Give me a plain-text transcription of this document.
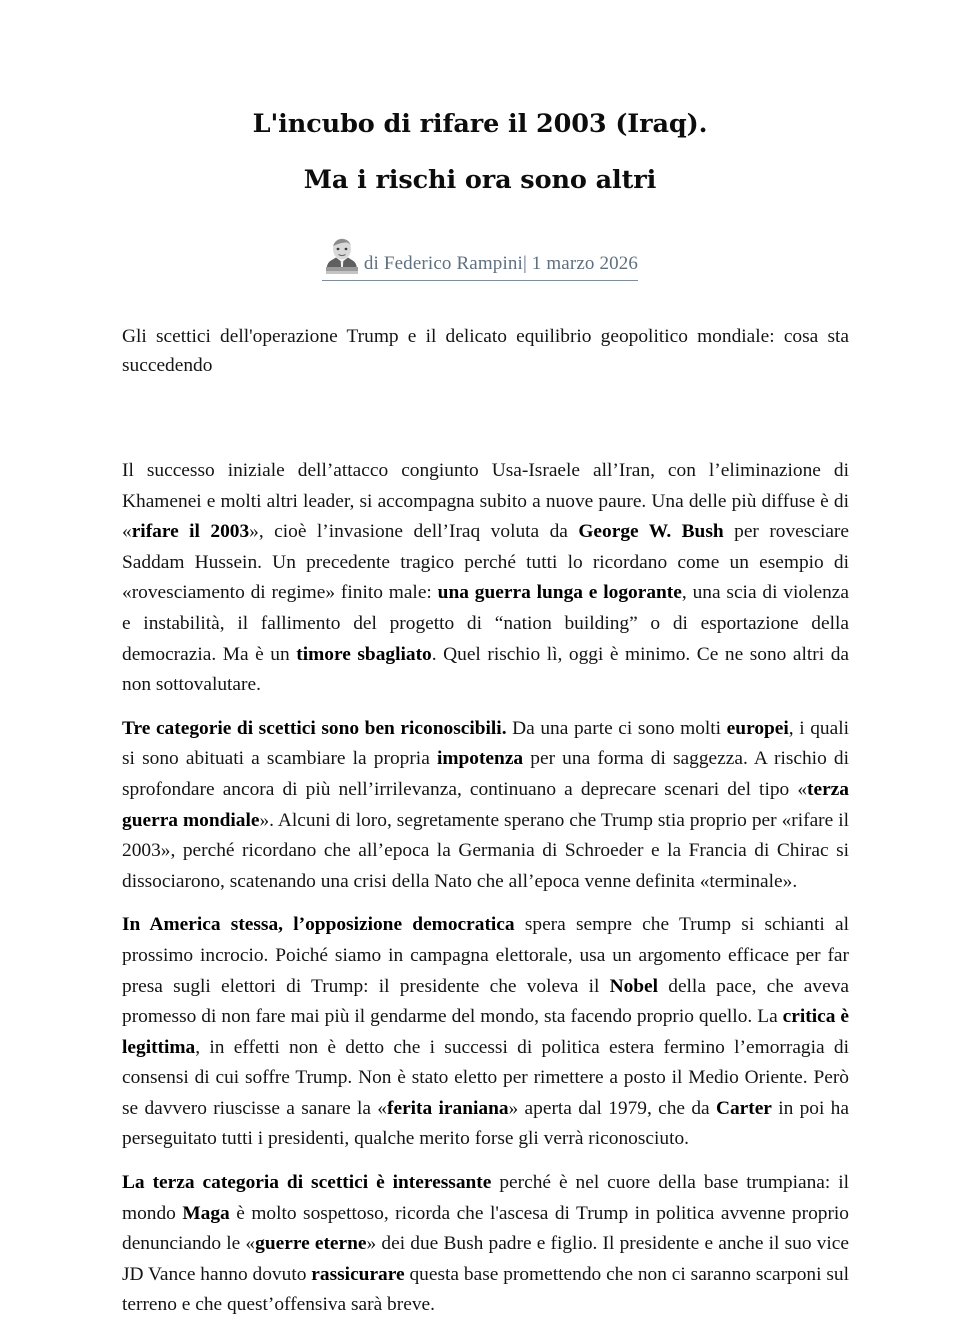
L'incubo di rifare il 2003 (Iraq).
Ma i rischi ora sono altri
di Federico Rampini| 1 marzo 2026

Gli scettici dell'operazione Trump e il delicato equilibrio geopolitico mondiale: cosa sta succedendo

Il successo iniziale dell’attacco congiunto Usa-Israele all’Iran, con l’eliminazione di Khamenei e molti altri leader, si accompagna subito a nuove paure. Una delle più diffuse è di «rifare il 2003», cioè l’invasione dell’Iraq voluta da George W. Bush per rovesciare Saddam Hussein. Un precedente tragico perché tutti lo ricordano come un esempio di «rovesciamento di regime» finito male: una guerra lunga e logorante, una scia di violenza e instabilità, il fallimento del progetto di “nation building” o di esportazione della democrazia. Ma è un timore sbagliato. Quel rischio lì, oggi è minimo. Ce ne sono altri da non sottovalutare.

Tre categorie di scettici sono ben riconoscibili. Da una parte ci sono molti europei, i quali si sono abituati a scambiare la propria impotenza per una forma di saggezza. A rischio di sprofondare ancora di più nell’irrilevanza, continuano a deprecare scenari del tipo «terza guerra mondiale». Alcuni di loro, segretamente sperano che Trump stia proprio per «rifare il 2003», perché ricordano che all’epoca la Germania di Schroeder e la Francia di Chirac si dissociarono, scatenando una crisi della Nato che all’epoca venne definita «terminale».

In America stessa, l’opposizione democratica spera sempre che Trump si schianti al prossimo incrocio. Poiché siamo in campagna elettorale, usa un argomento efficace per far presa sugli elettori di Trump: il presidente che voleva il Nobel della pace, che aveva promesso di non fare mai più il gendarme del mondo, sta facendo proprio quello. La critica è legittima, in effetti non è detto che i successi di politica estera fermino l’emorragia di consensi di cui soffre Trump. Non è stato eletto per rimettere a posto il Medio Oriente. Però se davvero riuscisse a sanare la «ferita iraniana» aperta dal 1979, che da Carter in poi ha perseguitato tutti i presidenti, qualche merito forse gli verrà riconosciuto.

La terza categoria di scettici è interessante perché è nel cuore della base trumpiana: il mondo Maga è molto sospettoso, ricorda che l'ascesa di Trump in politica avvenne proprio denunciando le «guerre eterne» dei due Bush padre e figlio. Il presidente e anche il suo vice JD Vance hanno dovuto rassicurare questa base promettendo che non ci saranno scarponi sul terreno e che quest’offensiva sarà breve.
